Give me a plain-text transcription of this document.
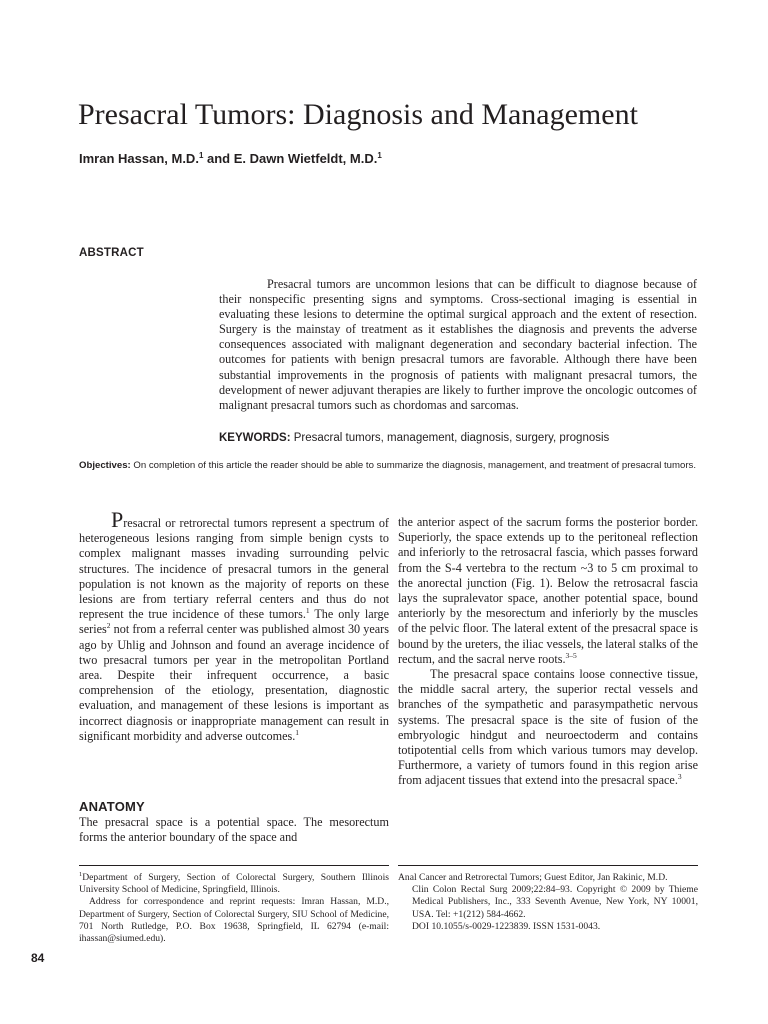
Presacral Tumors: Diagnosis and Management
Imran Hassan, M.D.$^1$ and E. Dawn Wietfeldt, M.D.$^1$
ABSTRACT

Presacral tumors are uncommon lesions that can be difficult to diagnose because of their nonspecific presenting signs and symptoms. Cross-sectional imaging is essential in evaluating these lesions to determine the optimal surgical approach and the extent of resection. Surgery is the mainstay of treatment as it establishes the diagnosis and prevents the adverse consequences associated with malignant degeneration and secondary bacterial infection. The outcomes for patients with benign presacral tumors are favorable. Although there have been substantial improvements in the prognosis of patients with malignant presacral tumors, the development of newer adjuvant therapies are likely to further improve the oncologic outcomes of malignant presacral tumors such as chordomas and sarcomas.

KEYWORDS: Presacral tumors, management, diagnosis, surgery, prognosis

Objectives: On completion of this article the reader should be able to summarize the diagnosis, management, and treatment of presacral tumors.

Presacral or retrorectal tumors represent a spectrum of heterogeneous lesions ranging from simple benign cysts to complex malignant masses invading surrounding pelvic structures. The incidence of presacral tumors in the general population is not known as the majority of reports on these lesions are from tertiary referral centers and thus do not represent the true incidence of these tumors.$^1$ The only large series$^2$ not from a referral center was published almost 30 years ago by Uhlig and Johnson and found an average incidence of two presacral tumors per year in the metropolitan Portland area. Despite their infrequent occurrence, a basic comprehension of the etiology, presentation, diagnostic evaluation, and management of these lesions is important as incorrect diagnosis or inappropriate management can result in significant morbidity and adverse outcomes.$^1$

ANATOMY

The presacral space is a potential space. The mesorectum forms the anterior boundary of the space and

the anterior aspect of the sacrum forms the posterior border. Superiorly, the space extends up to the peritoneal reflection and inferiorly to the retrosacral fascia, which passes forward from the S-4 vertebra to the rectum ~3 to 5 cm proximal to the anorectal junction (Fig. 1). Below the retrosacral fascia lays the supralevator space, another potential space, bound anteriorly by the mesorectum and inferiorly by the muscles of the pelvic floor. The lateral extent of the presacral space is bound by the ureters, the iliac vessels, the lateral stalks of the rectum, and the sacral nerve roots.$^{3-5}$

The presacral space contains loose connective tissue, the middle sacral artery, the superior rectal vessels and branches of the sympathetic and parasympathetic nervous systems. The presacral space is the site of fusion of the embryologic hindgut and neuroectoderm and contains totipotential cells from which various tumors may develop. Furthermore, a variety of tumors found in this region arise from adjacent tissues that extend into the presacral space.$^3$

$^1$Department of Surgery, Section of Colorectal Surgery, Southern Illinois University School of Medicine, Springfield, Illinois.

Address for correspondence and reprint requests: Imran Hassan, M.D., Department of Surgery, Section of Colorectal Surgery, SIU School of Medicine, 701 North Rutledge, P.O. Box 19638, Springfield, IL 62794 (e-mail: ihassan@siumed.edu).

Anal Cancer and Retrorectal Tumors; Guest Editor, Jan Rakinic, M.D.

Clin Colon Rectal Surg 2009;22:84–93. Copyright © 2009 by Thieme Medical Publishers, Inc., 333 Seventh Avenue, New York, NY 10001, USA. Tel: +1(212) 584-4662.

DOI 10.1055/s-0029-1223839. ISSN 1531-0043.

84
